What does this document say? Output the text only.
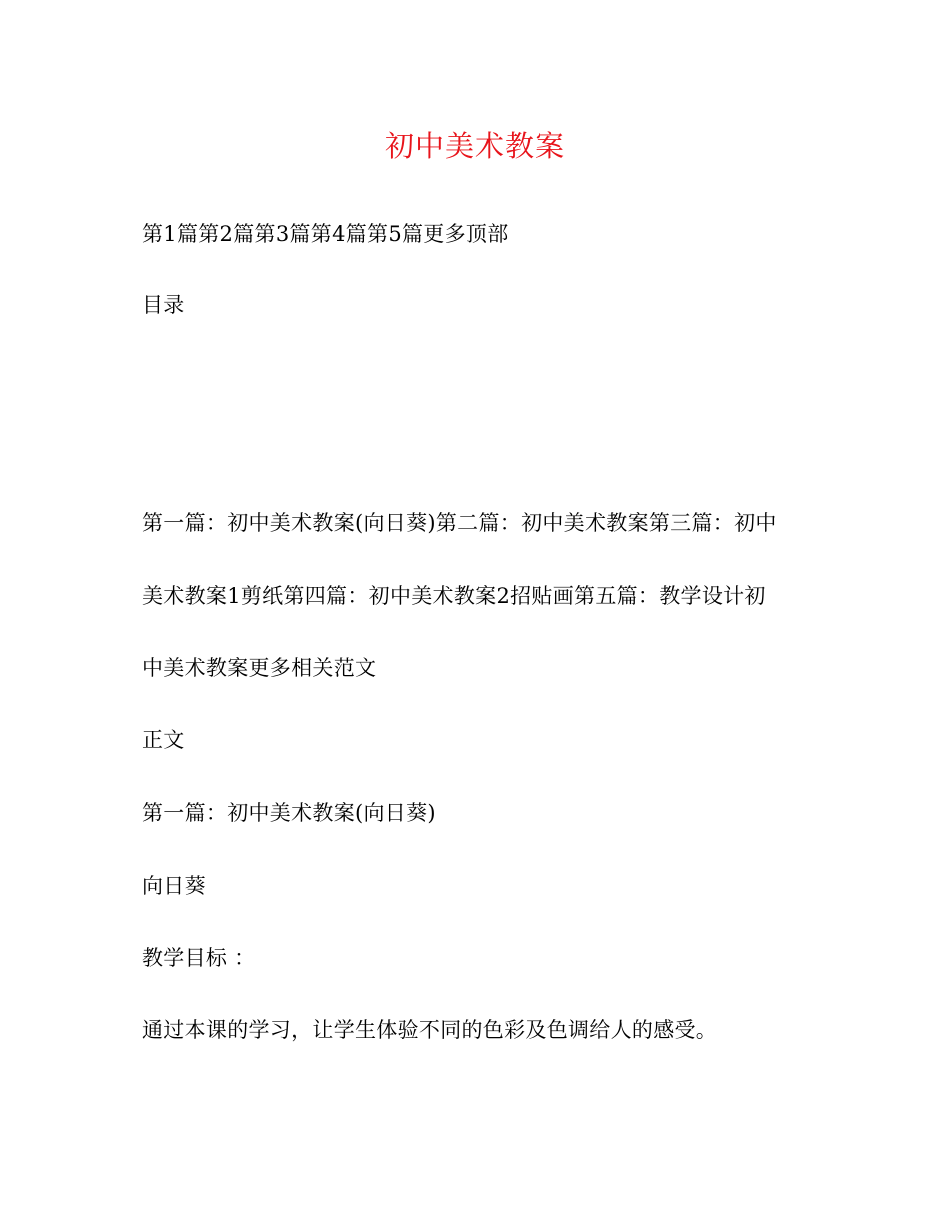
初中美术教案
第1篇第2篇第3篇第4篇第5篇更多顶部
目录
第一篇：初中美术教案(向日葵)第二篇：初中美术教案第三篇：初中
美术教案1剪纸第四篇：初中美术教案2招贴画第五篇：教学设计初
中美术教案更多相关范文
正文
第一篇：初中美术教案(向日葵)
向日葵
教学目标 ：
通过本课的学习，让学生体验不同的色彩及色调给人的感受。
